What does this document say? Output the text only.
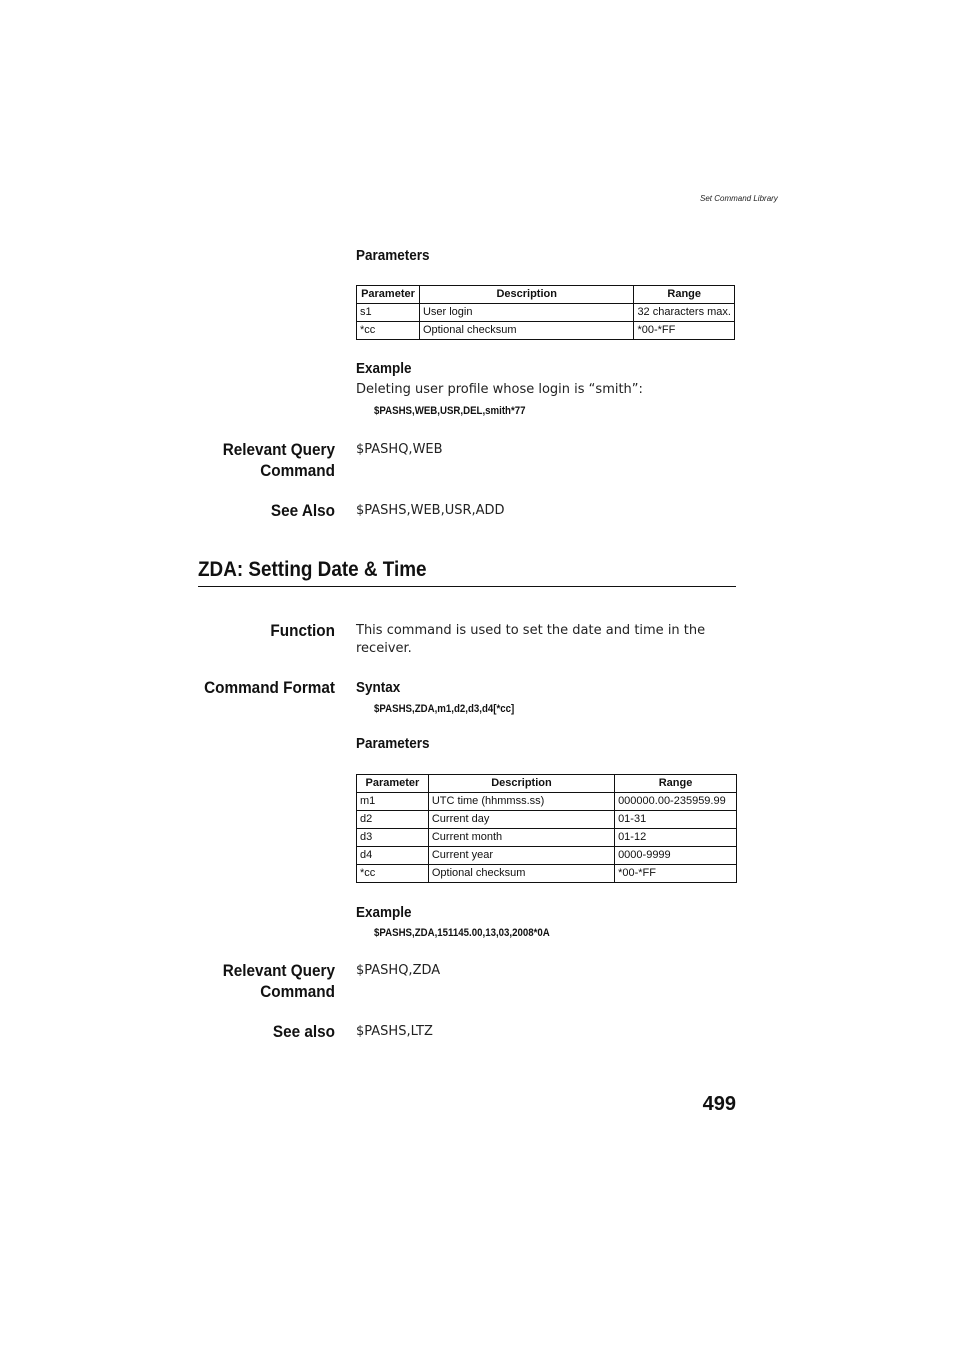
Set Command Library
Parameters
Parameter	Description	Range
s1	User login	32 characters max.
*cc	Optional checksum	*00-*FF
Example
Deleting user profile whose login is “smith”:
$PASHS,WEB,USR,DEL,smith*77
Relevant Query
Command
$PASHQ,WEB
See Also $PASHS,WEB,USR,ADD
ZDA: Setting Date & Time
Function This command is used to set the date and time in the
receiver.
Command Format Syntax
$PASHS,ZDA,m1,d2,d3,d4[*cc]
Parameters
Parameter	Description	Range
m1	UTC time (hhmmss.ss)	000000.00-235959.99
d2	Current day	01-31
d3	Current month	01-12
d4	Current year	0000-9999
*cc	Optional checksum	*00-*FF
Example
$PASHS,ZDA,151145.00,13,03,2008*0A
Relevant Query
Command
$PASHQ,ZDA
See also $PASHS,LTZ
499
